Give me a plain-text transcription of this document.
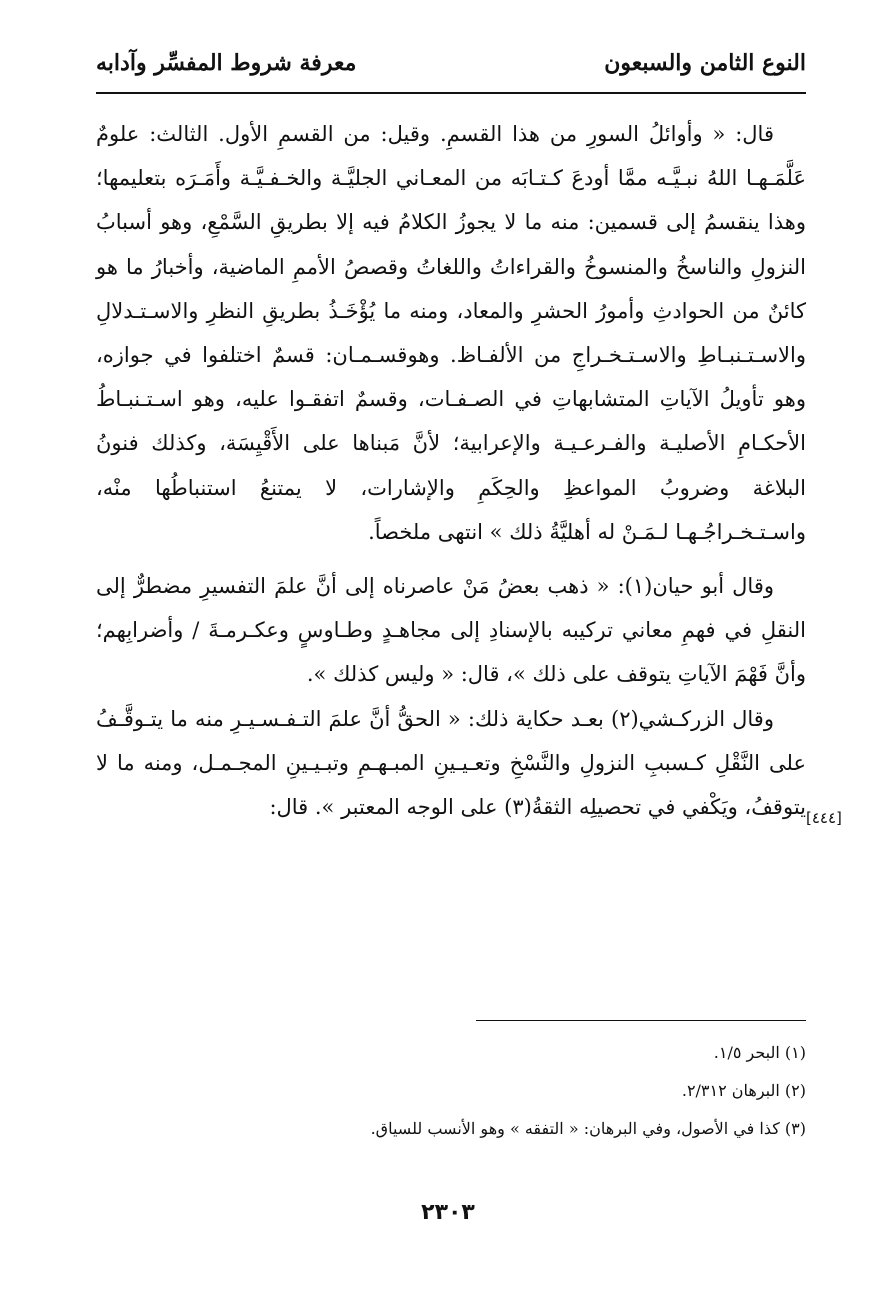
النوع الثامن والسبعون
معرفة شروط المفسِّر وآدابه

قال: « وأوائلُ السورِ من هذا القسمِ. وقيل: من القسمِ الأول. الثالث: علومٌ عَلَّمَـهـا اللهُ نبـيَّـه ممَّا أودعَ كـتـابَه من المعـاني الجليَّـة والخـفـيَّـة وأَمَـرَه بتعليمها؛ وهذا ينقسمُ إلى قسمين: منه ما لا يجوزُ الكلامُ فيه إلا بطريقِ السَّمْعِ، وهو أسبابُ النزولِ والناسخُ والمنسوخُ والقراءاتُ واللغاتُ وقصصُ الأممِ الماضية، وأخبارُ ما هو كائنٌ من الحوادثِ وأمورُ الحشرِ والمعاد، ومنه ما يُؤْخَـذُ بطريقِ النظرِ والاسـتـدلالِ والاسـتـنبـاطِ والاسـتـخـراجِ من الألفـاظ. وهوقسـمـان: قسمٌ اختلفوا في جوازه، وهو تأويلُ الآياتِ المتشابهاتِ في الصـفـات، وقسمٌ اتفقـوا عليه، وهو اسـتـنبـاطُ الأحكـامِ الأصليـة والفـرعـيـة والإعرابية؛ لأنَّ مَبناها على الأَقْيِسَة، وكذلك فنونُ البلاغة وضروبُ المواعظِ والحِكَمِ والإشارات، لا يمتنعُ استنباطُها منْه، واسـتـخـراجُـهـا لـمَـنْ له أهليَّةُ ذلك » انتهى ملخصاً.

وقال أبو حيان(١): « ذهب بعضُ مَنْ عاصرناه إلى أنَّ علمَ التفسيرِ مضطرٌّ إلى النقلِ في فهمِ معاني تركيبه بالإسنادِ إلى مجاهـدٍ وطـاوسٍ وعكـرمـةَ / وأضرابِهم؛ وأنَّ فَهْمَ الآياتِ يتوقف على ذلك »، قال: « وليس كذلك ».

وقال الزركـشي(٢) بعـد حكاية ذلك: « الحقُّ أنَّ علمَ التـفـسـيـرِ منه ما يتـوقَّـفُ على النَّقْلِ كـسببِ النزولِ والنَّسْخِ وتعـيـينِ المبـهـمِ وتبـيـينِ المجـمـل، ومنه ما لا يتوقفُ، ويَكْفي في تحصيلِه الثقةُ(٣) على الوجه المعتبر ». قال: [٤٤٤]

(١) البحر ١/٥.

(٢) البرهان ٢/٣١٢.

(٣) كذا في الأصول، وفي البرهان: « التفقه » وهو الأنسب للسياق.

٢٣٠٣
